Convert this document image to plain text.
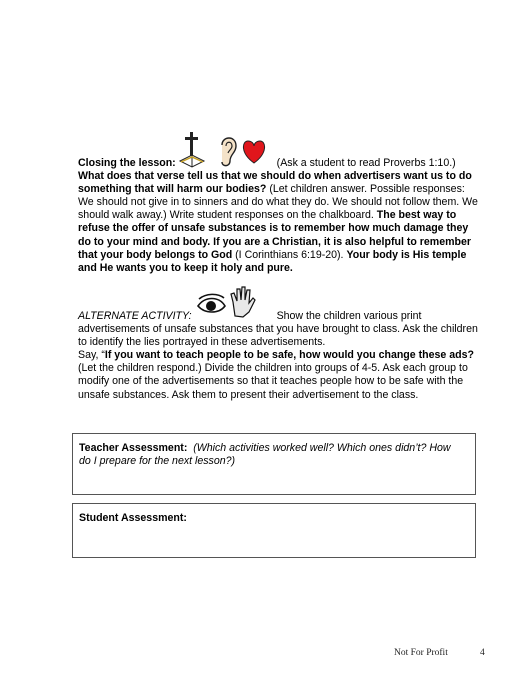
Closing the lesson:	(Ask a student to read Proverbs 1:10.) What does that verse tell us that we should do when advertisers want us to do something that will harm our bodies? (Let children answer. Possible responses: We should not give in to sinners and do what they do. We should not follow them. We should walk away.) Write student responses on the chalkboard. The best way to refuse the offer of unsafe substances is to remember how much damage they do to your mind and body. If you are a Christian, it is also helpful to remember that your body belongs to God (I Corinthians 6:19-20). Your body is His temple and He wants you to keep it holy and pure.
ALTERNATE ACTIVITY:	Show the children various print advertisements of unsafe substances that you have brought to class. Ask the children to identify the lies portrayed in these advertisements.
Say, “If you want to teach people to be safe, how would you change these ads? (Let the children respond.) Divide the children into groups of 4-5. Ask each group to modify one of the advertisements so that it teaches people how to be safe with the unsafe substances. Ask them to present their advertisement to the class.
Teacher Assessment: (Which activities worked well? Which ones didn’t? How do I prepare for the next lesson?)
Student Assessment:
Not For Profit	4
